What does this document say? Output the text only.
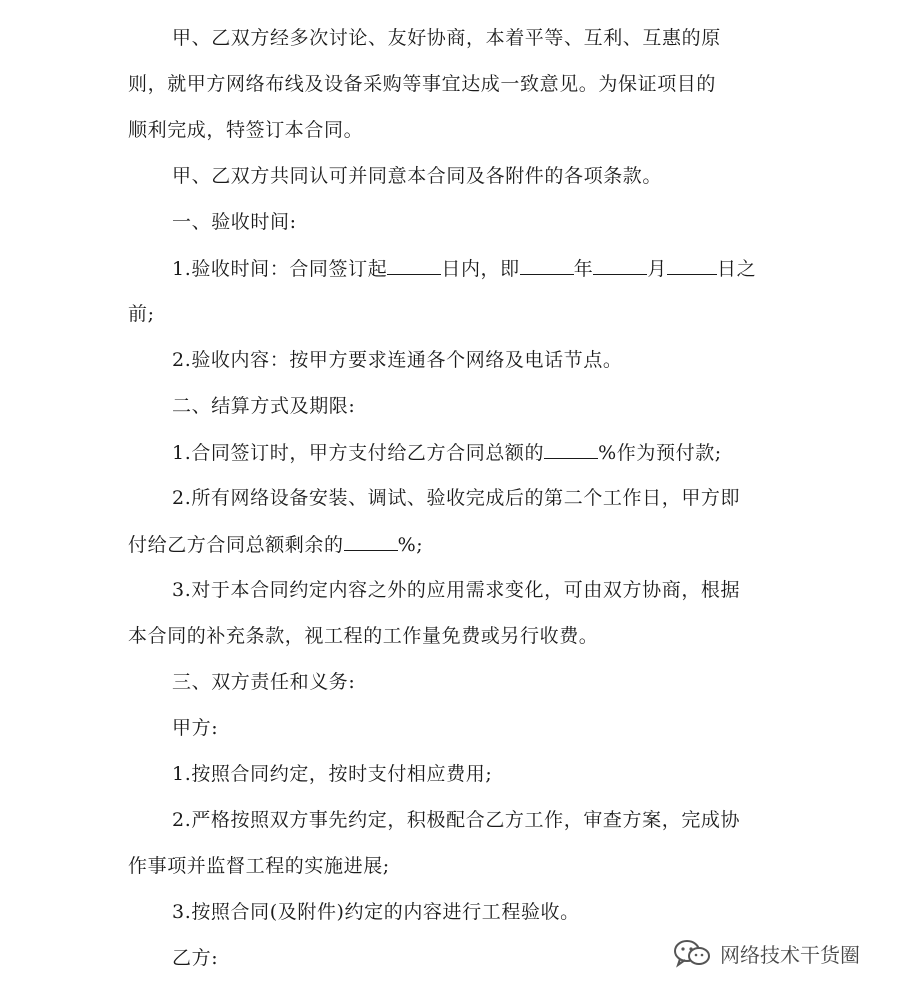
甲、乙双方经多次讨论、友好协商，本着平等、互利、互惠的原
则，就甲方网络布线及设备采购等事宜达成一致意见。为保证项目的
顺利完成，特签订本合同。
甲、乙双方共同认可并同意本合同及各附件的各项条款。
一、验收时间:
1.验收时间：合同签订起	日内，即	年	月	日之
前;
2.验收内容：按甲方要求连通各个网络及电话节点。
二、结算方式及期限:
1.合同签订时，甲方支付给乙方合同总额的	%作为预付款;
2.所有网络设备安装、调试、验收完成后的第二个工作日，甲方即
付给乙方合同总额剩余的	%;
3.对于本合同约定内容之外的应用需求变化，可由双方协商，根据
本合同的补充条款，视工程的工作量免费或另行收费。
三、双方责任和义务:
甲方:
1.按照合同约定，按时支付相应费用;
2.严格按照双方事先约定，积极配合乙方工作，审查方案，完成协
作事项并监督工程的实施进展;
3.按照合同(及附件)约定的内容进行工程验收。
乙方:	网络技术干货圈
